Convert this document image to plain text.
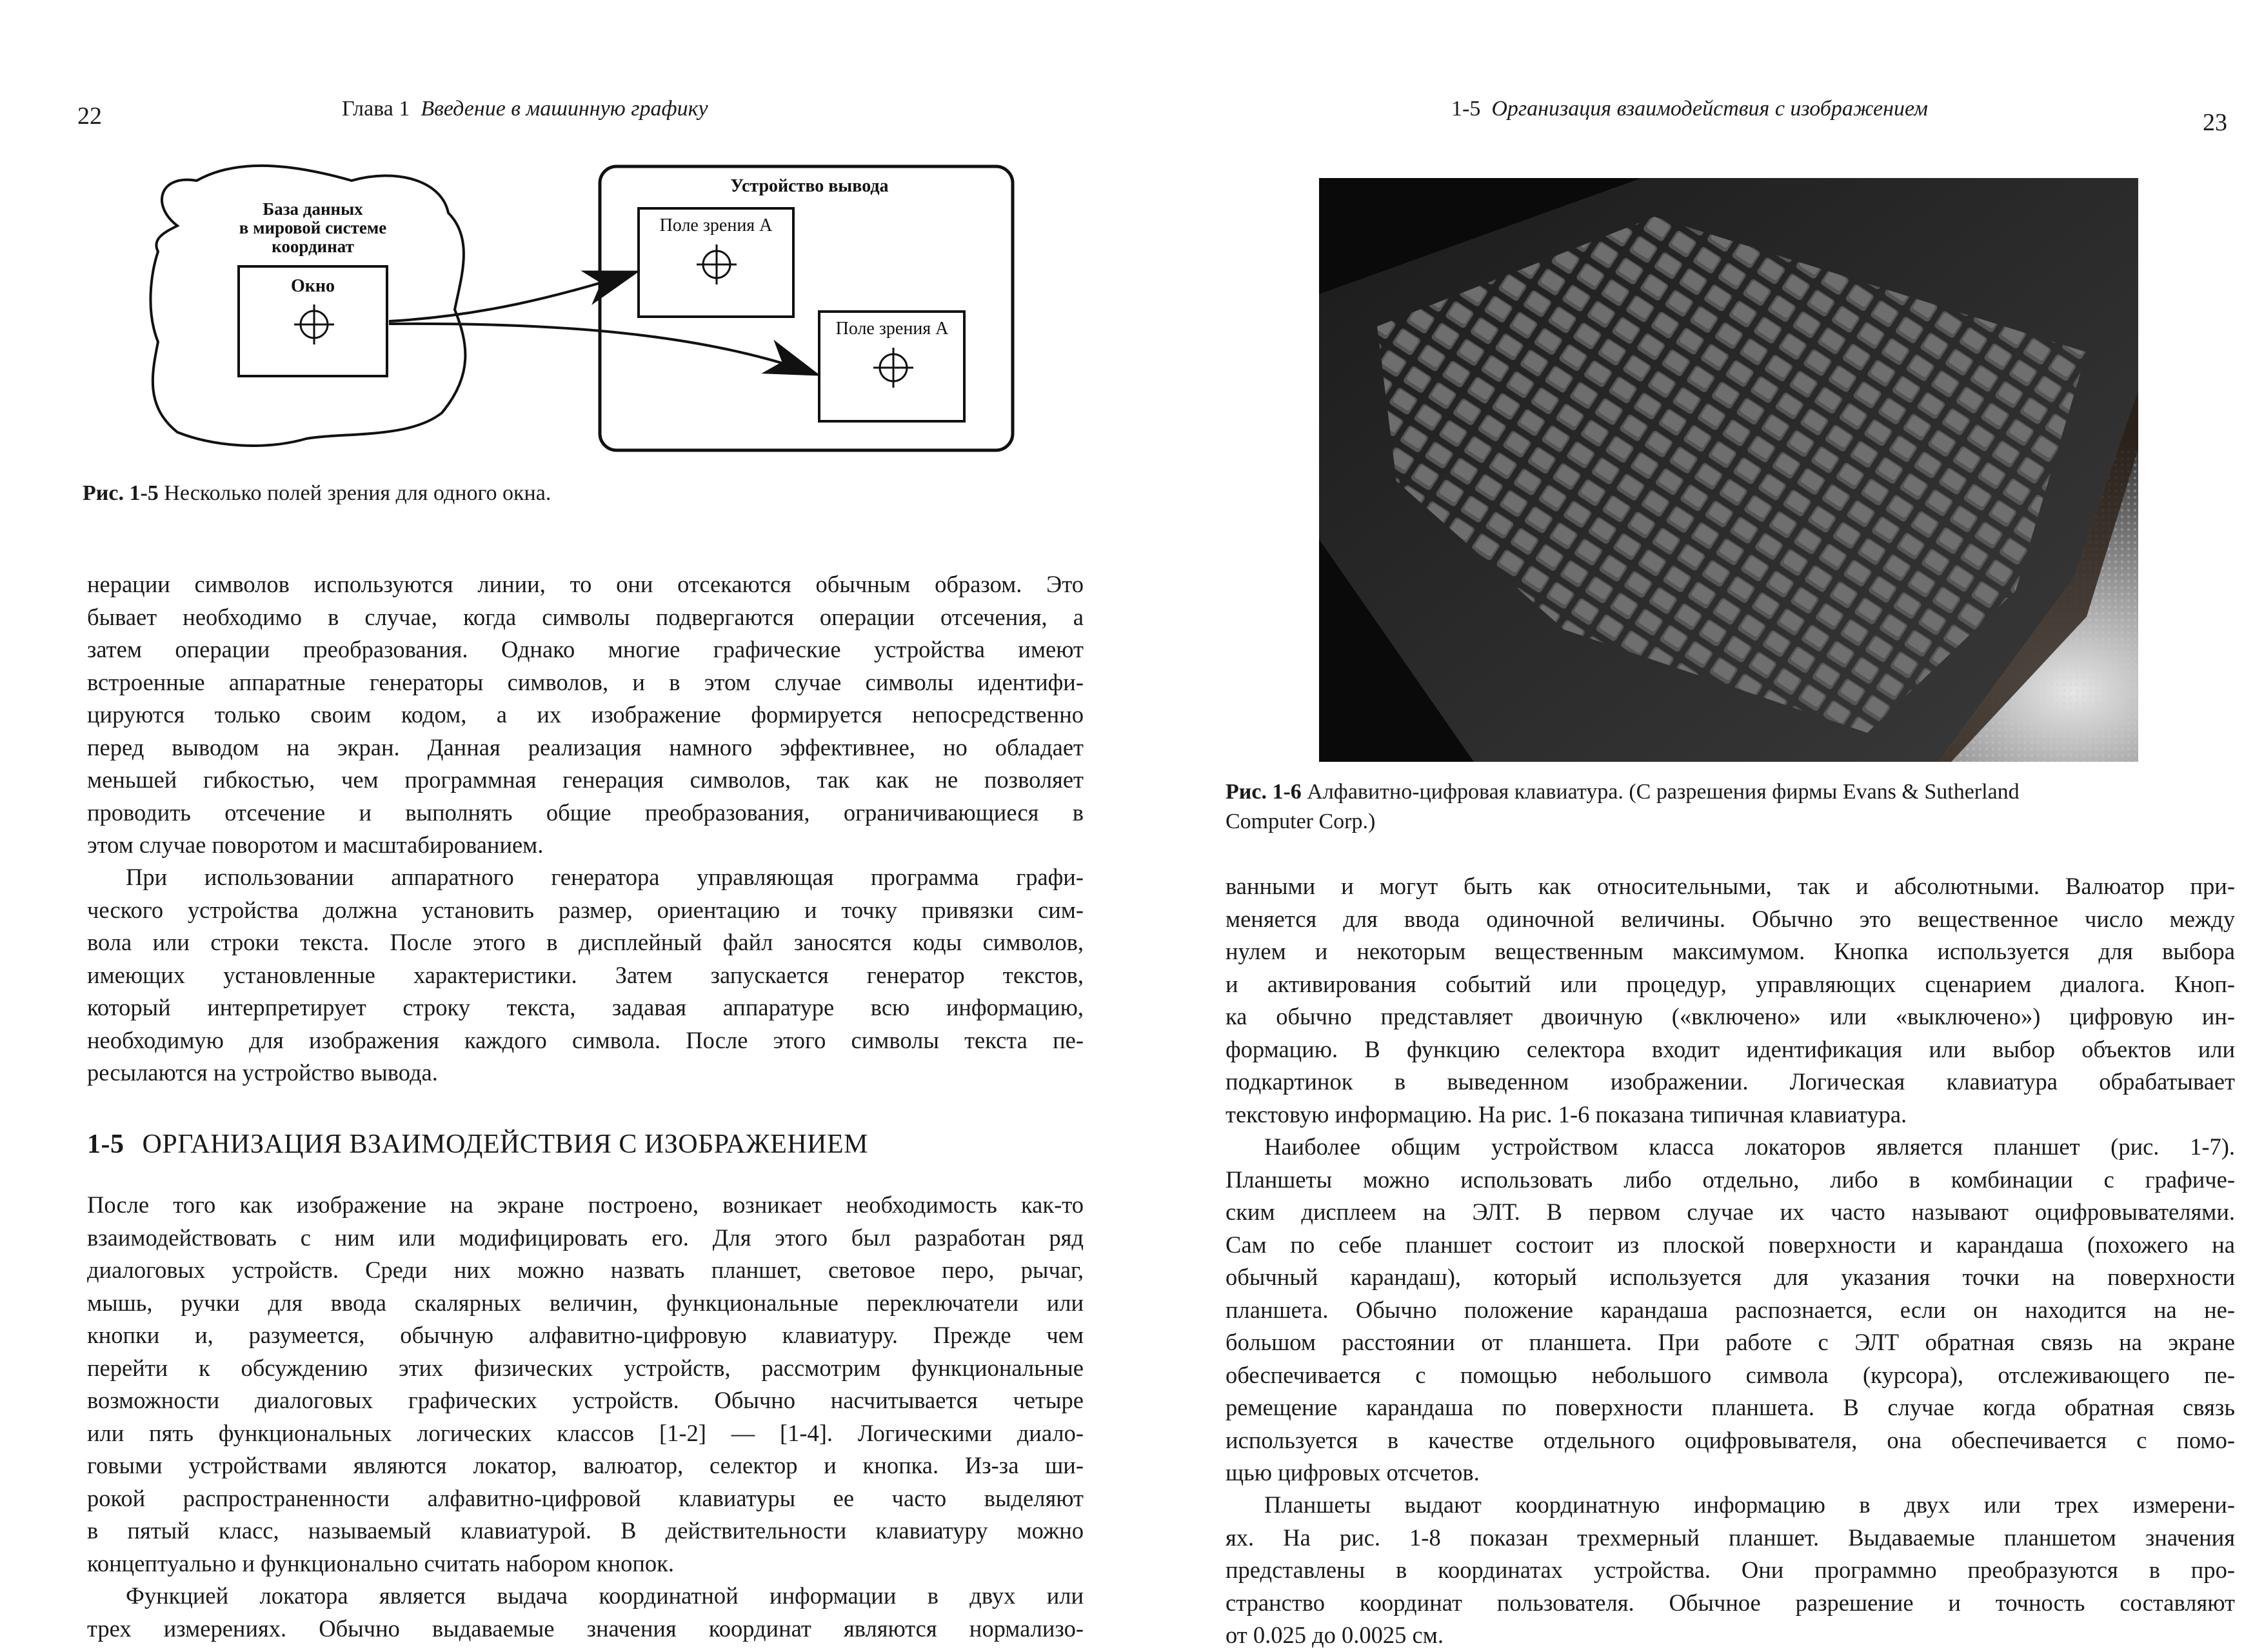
22	Глава 1 Введение в машинную графику
База данных
в мировой системе
координат
Окно
Устройство вывода
Поле зрения A
Поле зрения A
Рис. 1-5 Несколько полей зрения для одного окна.
нерации символов используются линии, то они отсекаются обычным образом. Это
бывает необходимо в случае, когда символы подвергаются операции отсечения, а
затем операции преобразования. Однако многие графические устройства имеют
встроенные аппаратные генераторы символов, и в этом случае символы идентифи-
цируются только своим кодом, а их изображение формируется непосредственно
перед выводом на экран. Данная реализация намного эффективнее, но обладает
меньшей гибкостью, чем программная генерация символов, так как не позволяет
проводить отсечение и выполнять общие преобразования, ограничивающиеся в
этом случае поворотом и масштабированием.
При использовании аппаратного генератора управляющая программа графи-
ческого устройства должна установить размер, ориентацию и точку привязки сим-
вола или строки текста. После этого в дисплейный файл заносятся коды символов,
имеющих установленные характеристики. Затем запускается генератор текстов,
который интерпретирует строку текста, задавая аппаратуре всю информацию,
необходимую для изображения каждого символа. После этого символы текста пе-
ресылаются на устройство вывода.
1-5 ОРГАНИЗАЦИЯ ВЗАИМОДЕЙСТВИЯ С ИЗОБРАЖЕНИЕМ
После того как изображение на экране построено, возникает необходимость как-то
взаимодействовать с ним или модифицировать его. Для этого был разработан ряд
диалоговых устройств. Среди них можно назвать планшет, световое перо, рычаг,
мышь, ручки для ввода скалярных величин, функциональные переключатели или
кнопки и, разумеется, обычную алфавитно-цифровую клавиатуру. Прежде чем
перейти к обсуждению этих физических устройств, рассмотрим функциональные
возможности диалоговых графических устройств. Обычно насчитывается четыре
или пять функциональных логических классов [1-2] — [1-4]. Логическими диало-
говыми устройствами являются локатор, валюатор, селектор и кнопка. Из-за ши-
рокой распространенности алфавитно-цифровой клавиатуры ее часто выделяют
в пятый класс, называемый клавиатурой. В действительности клавиатуру можно
концептуально и функционально считать набором кнопок.
Функцией локатора является выдача координатной информации в двух или
трех измерениях. Обычно выдаваемые значения координат являются нормализо-
1-5 Организация взаимодействия с изображением
23
Рис. 1-6 Алфавитно-цифровая клавиатура. (С разрешения фирмы Evans & Sutherland
Computer Corp.)
ванными и могут быть как относительными, так и абсолютными. Валюатор при-
меняется для ввода одиночной величины. Обычно это вещественное число между
нулем и некоторым вещественным максимумом. Кнопка используется для выбора
и активирования событий или процедур, управляющих сценарием диалога. Кноп-
ка обычно представляет двоичную («включено» или «выключено») цифровую ин-
формацию. В функцию селектора входит идентификация или выбор объектов или
подкартинок в выведенном изображении. Логическая клавиатура обрабатывает
текстовую информацию. На рис. 1-6 показана типичная клавиатура.
Наиболее общим устройством класса локаторов является планшет (рис. 1-7).
Планшеты можно использовать либо отдельно, либо в комбинации с графиче-
ским дисплеем на ЭЛТ. В первом случае их часто называют оцифровывателями.
Сам по себе планшет состоит из плоской поверхности и карандаша (похожего на
обычный карандаш), который используется для указания точки на поверхности
планшета. Обычно положение карандаша распознается, если он находится на не-
большом расстоянии от планшета. При работе с ЭЛТ обратная связь на экране
обеспечивается с помощью небольшого символа (курсора), отслеживающего пе-
ремещение карандаша по поверхности планшета. В случае когда обратная связь
используется в качестве отдельного оцифровывателя, она обеспечивается с помо-
щью цифровых отсчетов.
Планшеты выдают координатную информацию в двух или трех измерени-
ях. На рис. 1-8 показан трехмерный планшет. Выдаваемые планшетом значения
представлены в координатах устройства. Они программно преобразуются в про-
странство координат пользователя. Обычное разрешение и точность составляют
от 0.025 до 0.0025 см.
